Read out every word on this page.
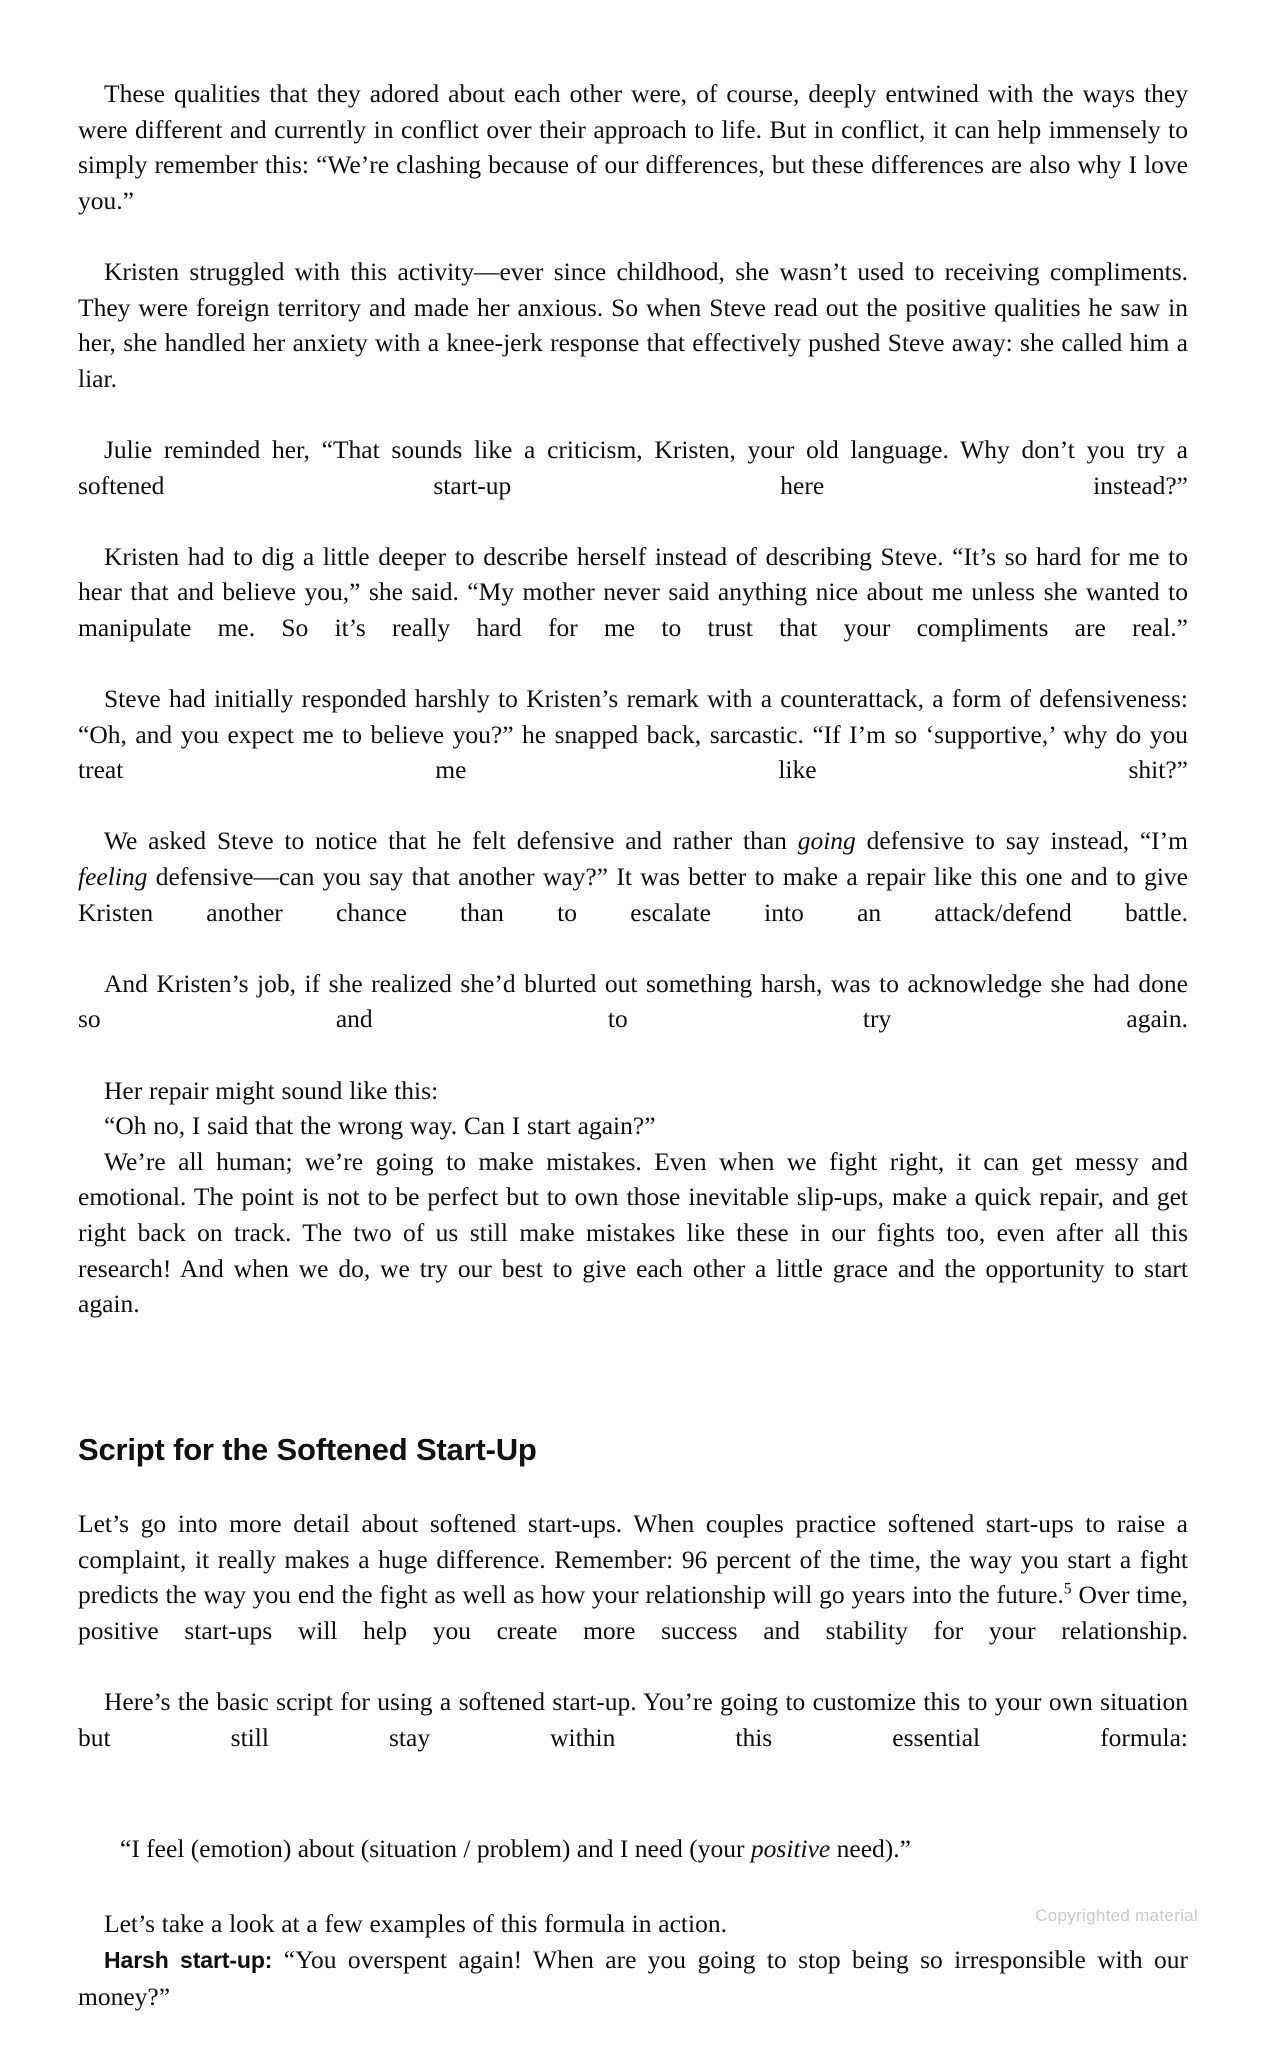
These qualities that they adored about each other were, of course, deeply entwined with the ways they were different and currently in conflict over their approach to life. But in conflict, it can help immensely to simply remember this: “We’re clashing because of our differences, but these differences are also why I love you.”

Kristen struggled with this activity—ever since childhood, she wasn’t used to receiving compliments. They were foreign territory and made her anxious. So when Steve read out the positive qualities he saw in her, she handled her anxiety with a knee-jerk response that effectively pushed Steve away: she called him a liar.

Julie reminded her, “That sounds like a criticism, Kristen, your old language. Why don’t you try a softened start-up here instead?”

Kristen had to dig a little deeper to describe herself instead of describing Steve. “It’s so hard for me to hear that and believe you,” she said. “My mother never said anything nice about me unless she wanted to manipulate me. So it’s really hard for me to trust that your compliments are real.”

Steve had initially responded harshly to Kristen’s remark with a counterattack, a form of defensiveness: “Oh, and you expect me to believe you?” he snapped back, sarcastic. “If I’m so ‘supportive,’ why do you treat me like shit?”

We asked Steve to notice that he felt defensive and rather than going defensive to say instead, “I’m feeling defensive—can you say that another way?” It was better to make a repair like this one and to give Kristen another chance than to escalate into an attack/defend battle.

And Kristen’s job, if she realized she’d blurted out something harsh, was to acknowledge she had done so and to try again.

Her repair might sound like this:

“Oh no, I said that the wrong way. Can I start again?”

We’re all human; we’re going to make mistakes. Even when we fight right, it can get messy and emotional. The point is not to be perfect but to own those inevitable slip-ups, make a quick repair, and get right back on track. The two of us still make mistakes like these in our fights too, even after all this research! And when we do, we try our best to give each other a little grace and the opportunity to start again.

Script for the Softened Start-Up

Let’s go into more detail about softened start-ups. When couples practice softened start-ups to raise a complaint, it really makes a huge difference. Remember: 96 percent of the time, the way you start a fight predicts the way you end the fight as well as how your relationship will go years into the future.$^5$ Over time, positive start-ups will help you create more success and stability for your relationship.

Here’s the basic script for using a softened start-up. You’re going to customize this to your own situation but still stay within this essential formula:

“I feel (emotion) about (situation / problem) and I need (your positive need).”

Let’s take a look at a few examples of this formula in action.

Harsh start-up: “You overspent again! When are you going to stop being so irresponsible with our money?”

Copyrighted material
